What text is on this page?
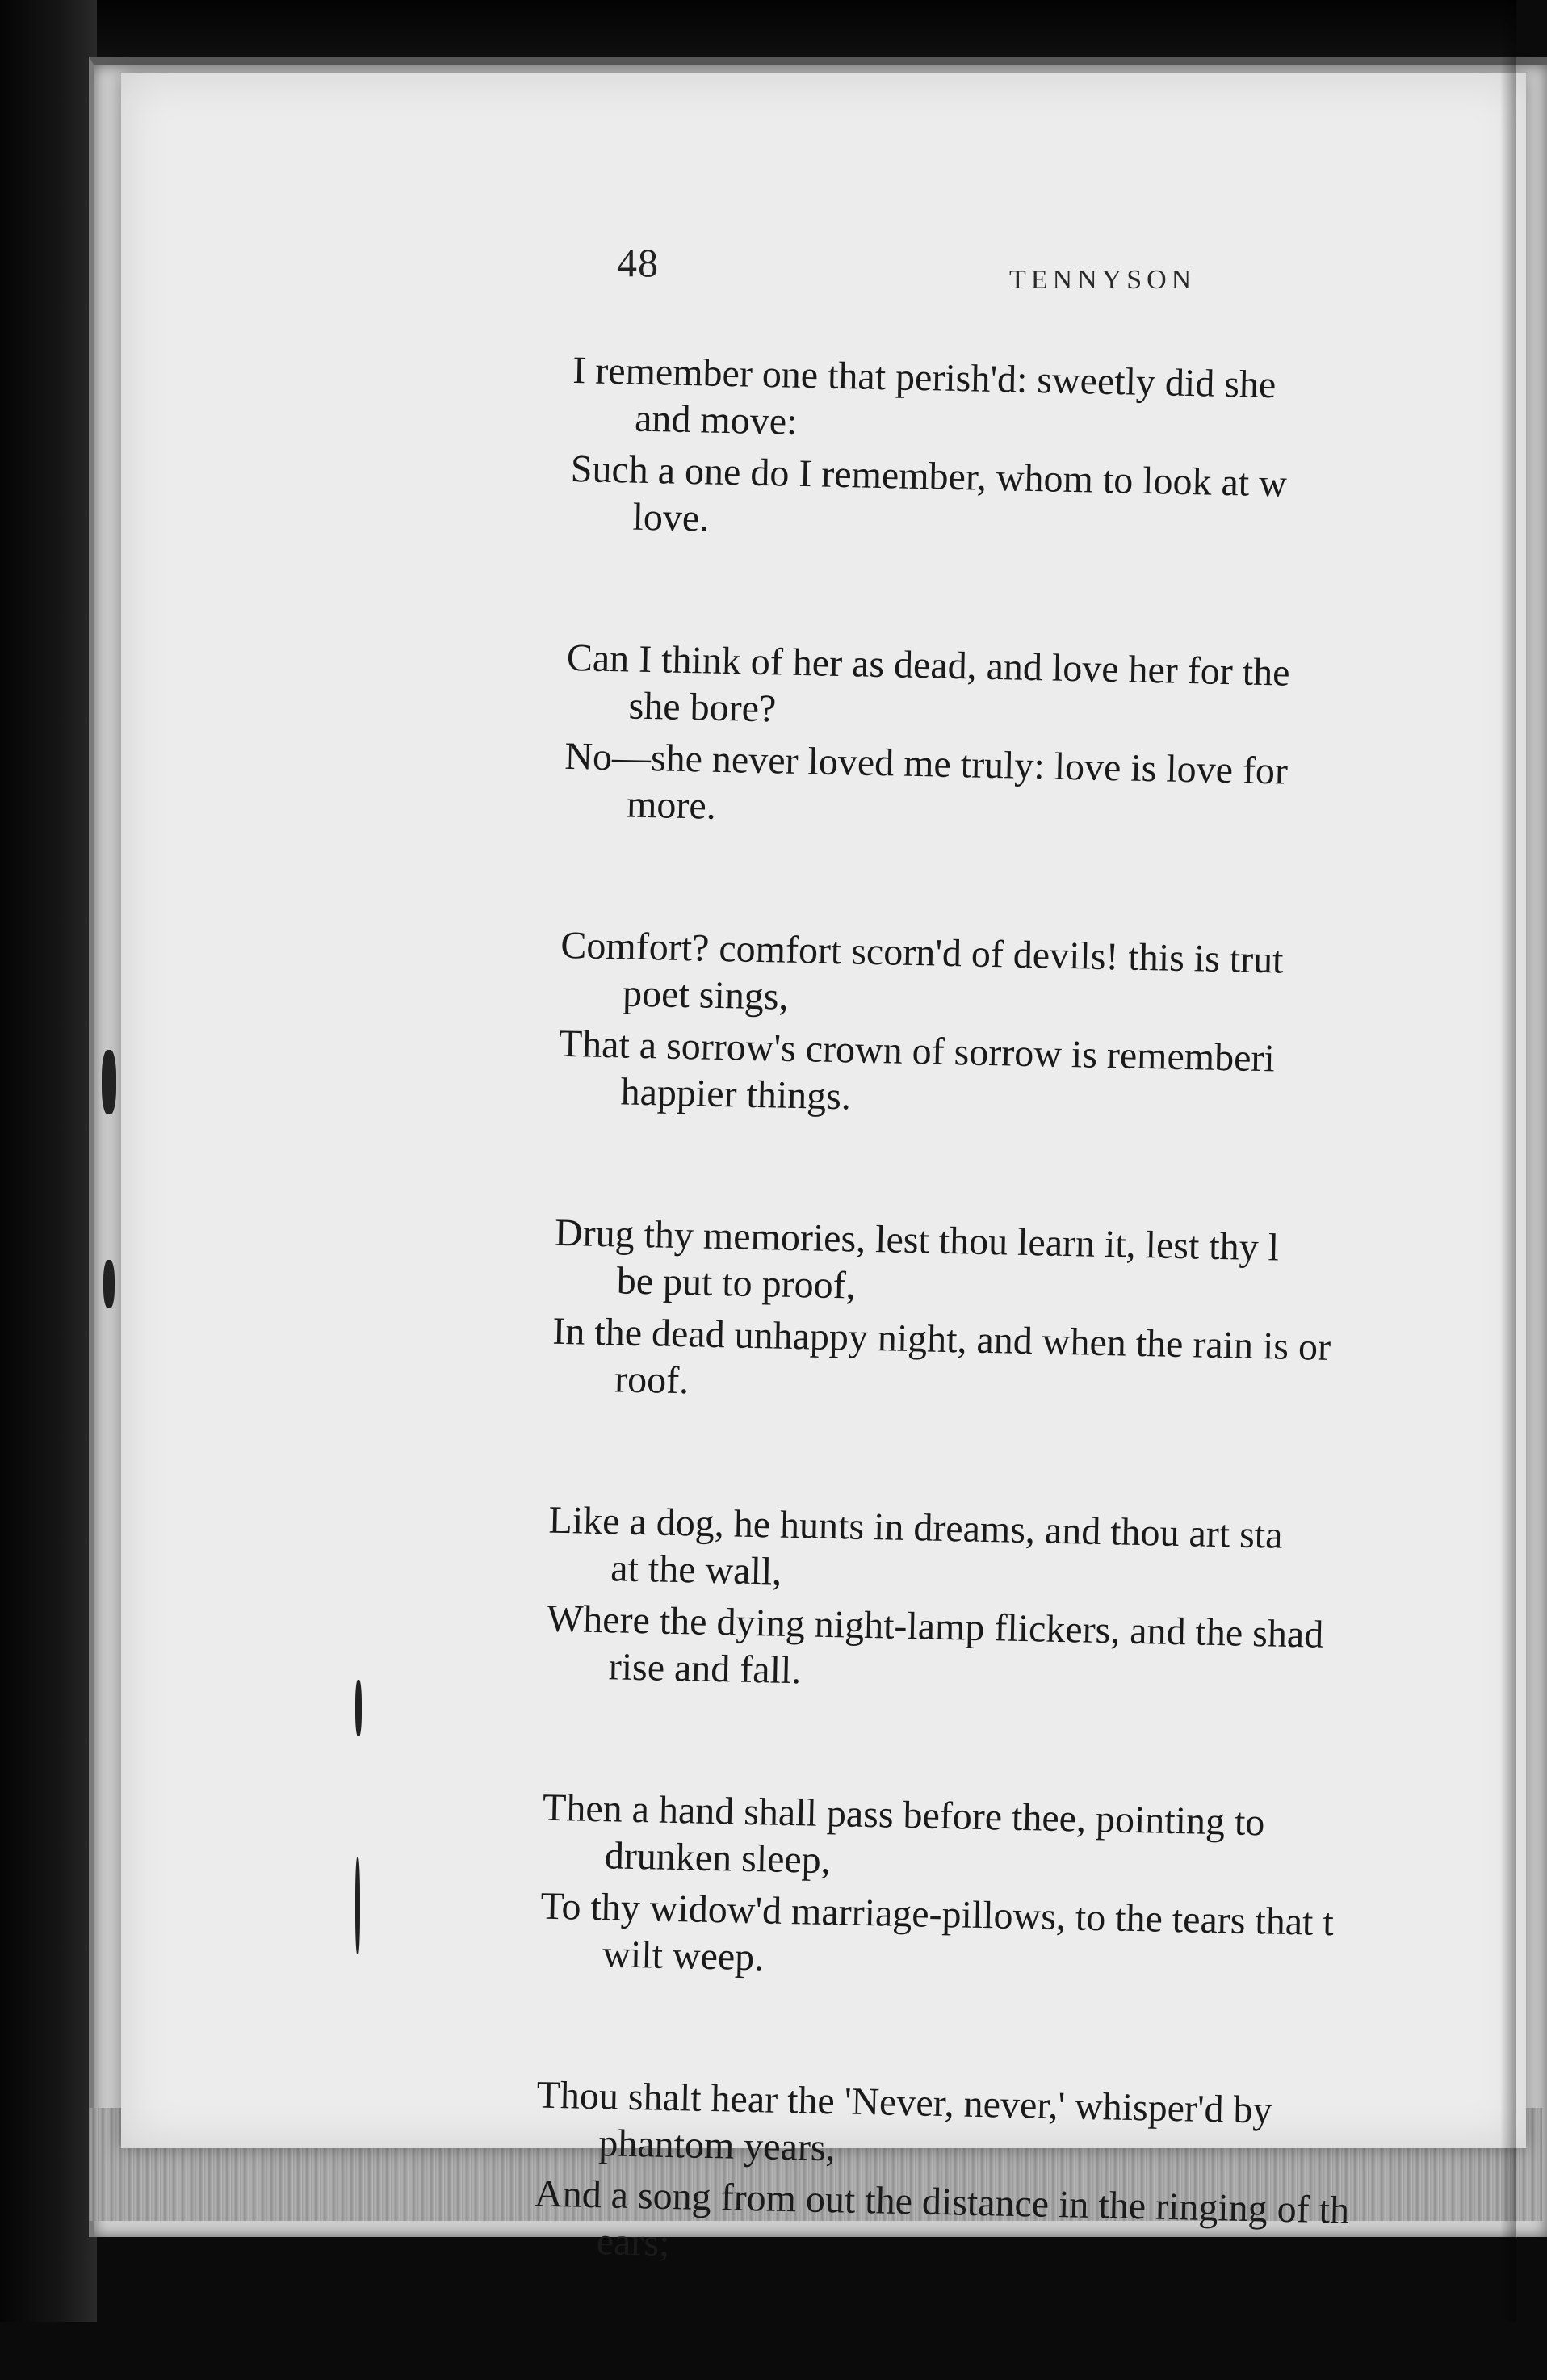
48	TENNYSON
I remember one that perish'd: sweetly did she
and move:
Such a one do I remember, whom to look at w
love.
Can I think of her as dead, and love her for the
she bore?
No—she never loved me truly: love is love for
more.
Comfort? comfort scorn'd of devils! this is trut
poet sings,
That a sorrow's crown of sorrow is rememberi
happier things.
Drug thy memories, lest thou learn it, lest thy l
be put to proof,
In the dead unhappy night, and when the rain is or
roof.
Like a dog, he hunts in dreams, and thou art sta
at the wall,
Where the dying night-lamp flickers, and the shad
rise and fall.
Then a hand shall pass before thee, pointing to
drunken sleep,
To thy widow'd marriage-pillows, to the tears that t
wilt weep.
Thou shalt hear the 'Never, never,' whisper'd by
phantom years,
And a song from out the distance in the ringing of th
ears;
